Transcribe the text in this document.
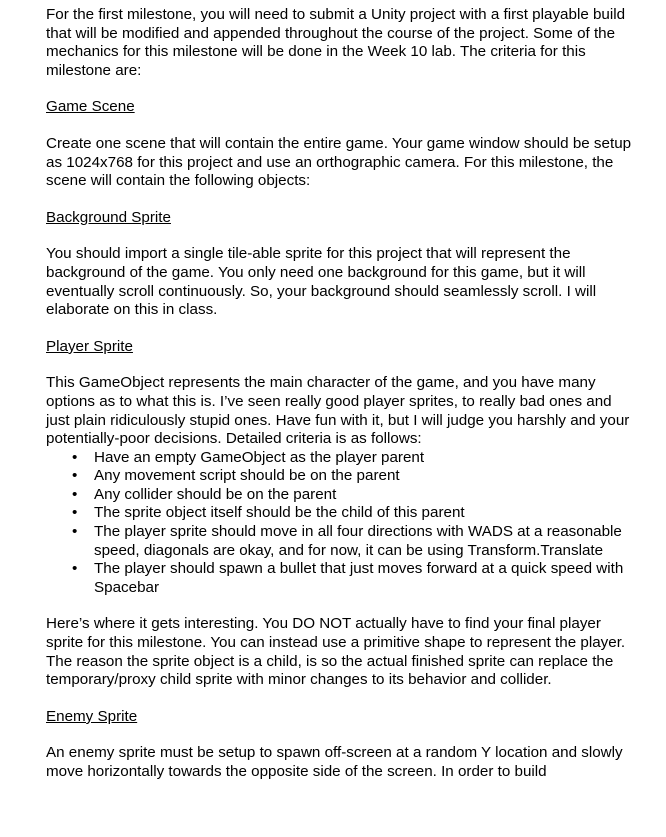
For the first milestone, you will need to submit a Unity project with a first playable build that will be modified and appended throughout the course of the project. Some of the mechanics for this milestone will be done in the Week 10 lab. The criteria for this milestone are:

Game Scene

Create one scene that will contain the entire game. Your game window should be setup as 1024x768 for this project and use an orthographic camera. For this milestone, the scene will contain the following objects:

Background Sprite

You should import a single tile-able sprite for this project that will represent the background of the game. You only need one background for this game, but it will eventually scroll continuously. So, your background should seamlessly scroll. I will elaborate on this in class.

Player Sprite

This GameObject represents the main character of the game, and you have many options as to what this is. I’ve seen really good player sprites, to really bad ones and just plain ridiculously stupid ones. Have fun with it, but I will judge you harshly and your potentially-poor decisions. Detailed criteria is as follows:

• Have an empty GameObject as the player parent
• Any movement script should be on the parent
• Any collider should be on the parent
• The sprite object itself should be the child of this parent
• The player sprite should move in all four directions with WADS at a reasonable speed, diagonals are okay, and for now, it can be using Transform.Translate
• The player should spawn a bullet that just moves forward at a quick speed with Spacebar

Here’s where it gets interesting. You DO NOT actually have to find your final player sprite for this milestone. You can instead use a primitive shape to represent the player. The reason the sprite object is a child, is so the actual finished sprite can replace the temporary/proxy child sprite with minor changes to its behavior and collider.

Enemy Sprite

An enemy sprite must be setup to spawn off-screen at a random Y location and slowly move horizontally towards the opposite side of the screen. In order to build
